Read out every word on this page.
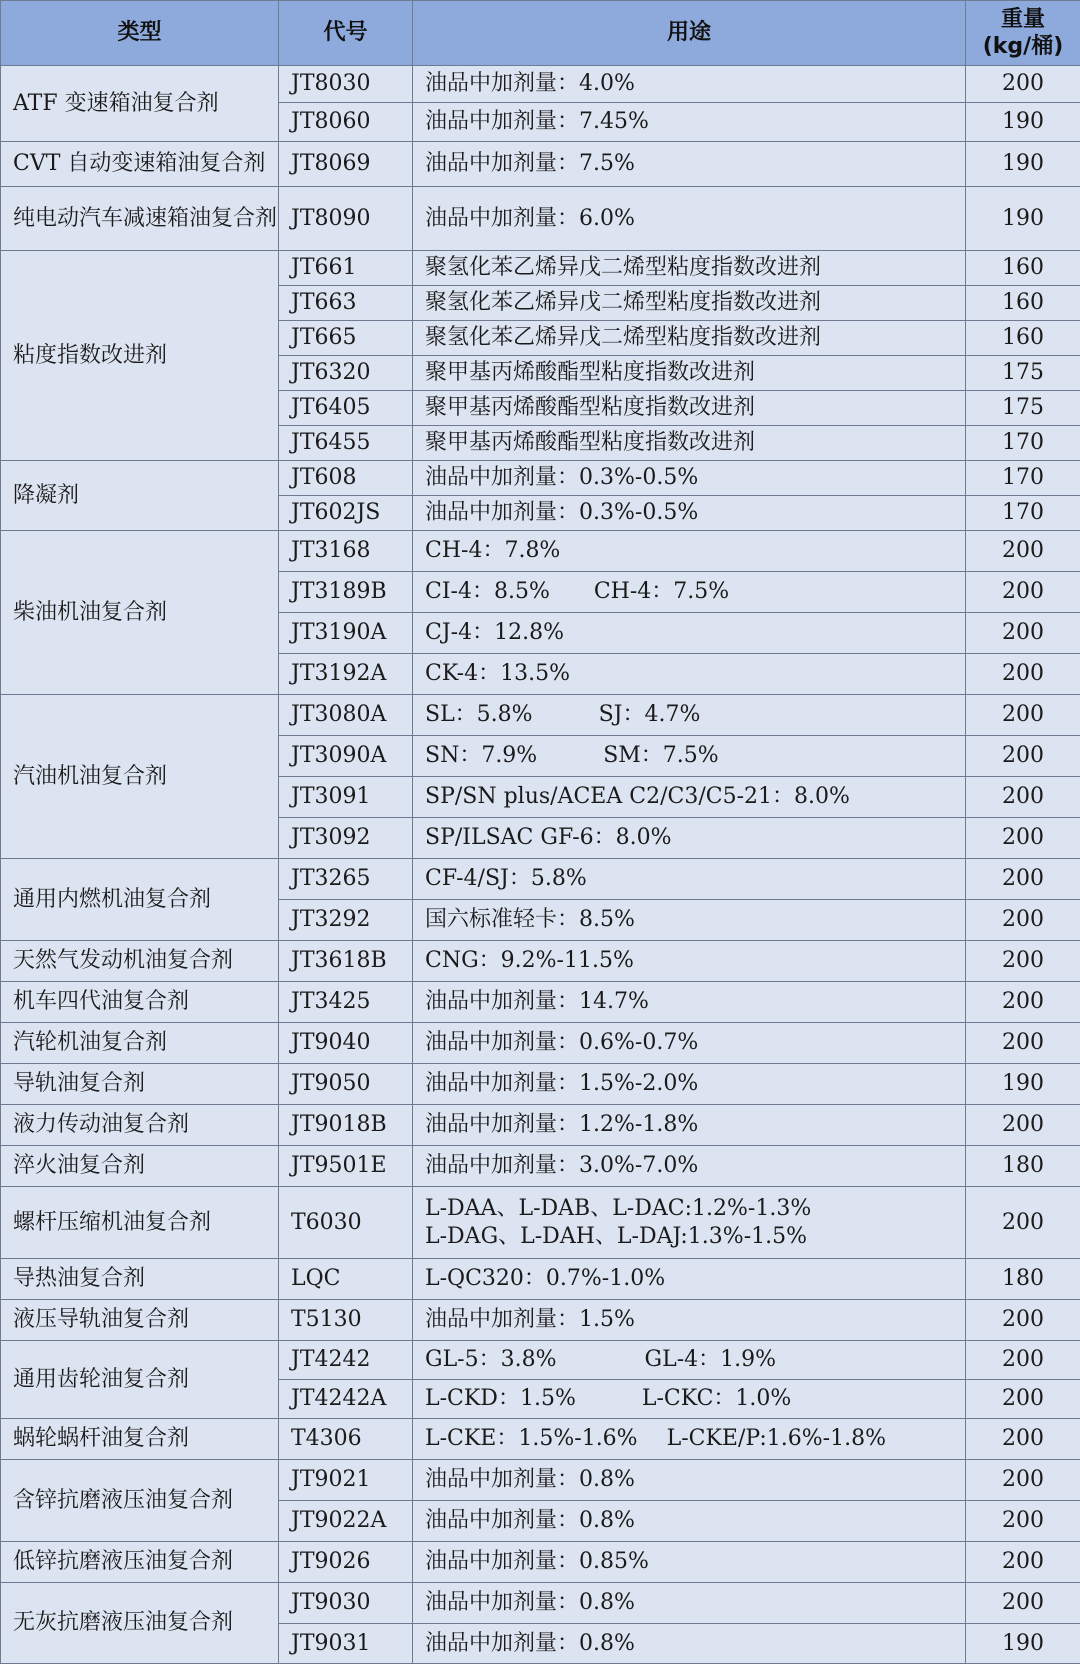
类型	代号	用途	重量
(kg/桶)
ATF 变速箱油复合剂	JT8030	油品中加剂量：4.0%	200
	JT8060	油品中加剂量：7.45%	190
CVT 自动变速箱油复合剂	JT8069	油品中加剂量：7.5%	190
纯电动汽车减速箱油复合剂	JT8090	油品中加剂量：6.0%	190
粘度指数改进剂	JT661	聚氢化苯乙烯异戊二烯型粘度指数改进剂	160
	JT663	聚氢化苯乙烯异戊二烯型粘度指数改进剂	160
	JT665	聚氢化苯乙烯异戊二烯型粘度指数改进剂	160
	JT6320	聚甲基丙烯酸酯型粘度指数改进剂	175
	JT6405	聚甲基丙烯酸酯型粘度指数改进剂	175
	JT6455	聚甲基丙烯酸酯型粘度指数改进剂	170
降凝剂	JT608	油品中加剂量：0.3%-0.5%	170
	JT602JS	油品中加剂量：0.3%-0.5%	170
柴油机油复合剂	JT3168	CH-4：7.8%	200
	JT3189B	CI-4：8.5%　　CH-4：7.5%	200
	JT3190A	CJ-4：12.8%	200
	JT3192A	CK-4：13.5%	200
汽油机油复合剂	JT3080A	SL：5.8%　　　SJ：4.7%	200
	JT3090A	SN：7.9%　　　SM：7.5%	200
	JT3091	SP/SN plus/ACEA C2/C3/C5-21：8.0%	200
	JT3092	SP/ILSAC GF-6：8.0%	200
通用内燃机油复合剂	JT3265	CF-4/SJ：5.8%	200
	JT3292	国六标准轻卡：8.5%	200
天然气发动机油复合剂	JT3618B	CNG：9.2%-11.5%	200
机车四代油复合剂	JT3425	油品中加剂量：14.7%	200
汽轮机油复合剂	JT9040	油品中加剂量：0.6%-0.7%	200
导轨油复合剂	JT9050	油品中加剂量：1.5%-2.0%	190
液力传动油复合剂	JT9018B	油品中加剂量：1.2%-1.8%	200
淬火油复合剂	JT9501E	油品中加剂量：3.0%-7.0%	180
螺杆压缩机油复合剂	T6030	L-DAA、L-DAB、L-DAC:1.2%-1.3%
L-DAG、L-DAH、L-DAJ:1.3%-1.5%	200
导热油复合剂	LQC	L-QC320：0.7%-1.0%	180
液压导轨油复合剂	T5130	油品中加剂量：1.5%	200
通用齿轮油复合剂	JT4242	GL-5：3.8%　　　　GL-4：1.9%	200
	JT4242A	L-CKD：1.5%　　　L-CKC：1.0%	200
蜗轮蜗杆油复合剂	T4306	L-CKE：1.5%-1.6%　 L-CKE/P:1.6%-1.8%	200
含锌抗磨液压油复合剂	JT9021	油品中加剂量：0.8%	200
	JT9022A	油品中加剂量：0.8%	200
低锌抗磨液压油复合剂	JT9026	油品中加剂量：0.85%	200
无灰抗磨液压油复合剂	JT9030	油品中加剂量：0.8%	200
	JT9031	油品中加剂量：0.8%	190
